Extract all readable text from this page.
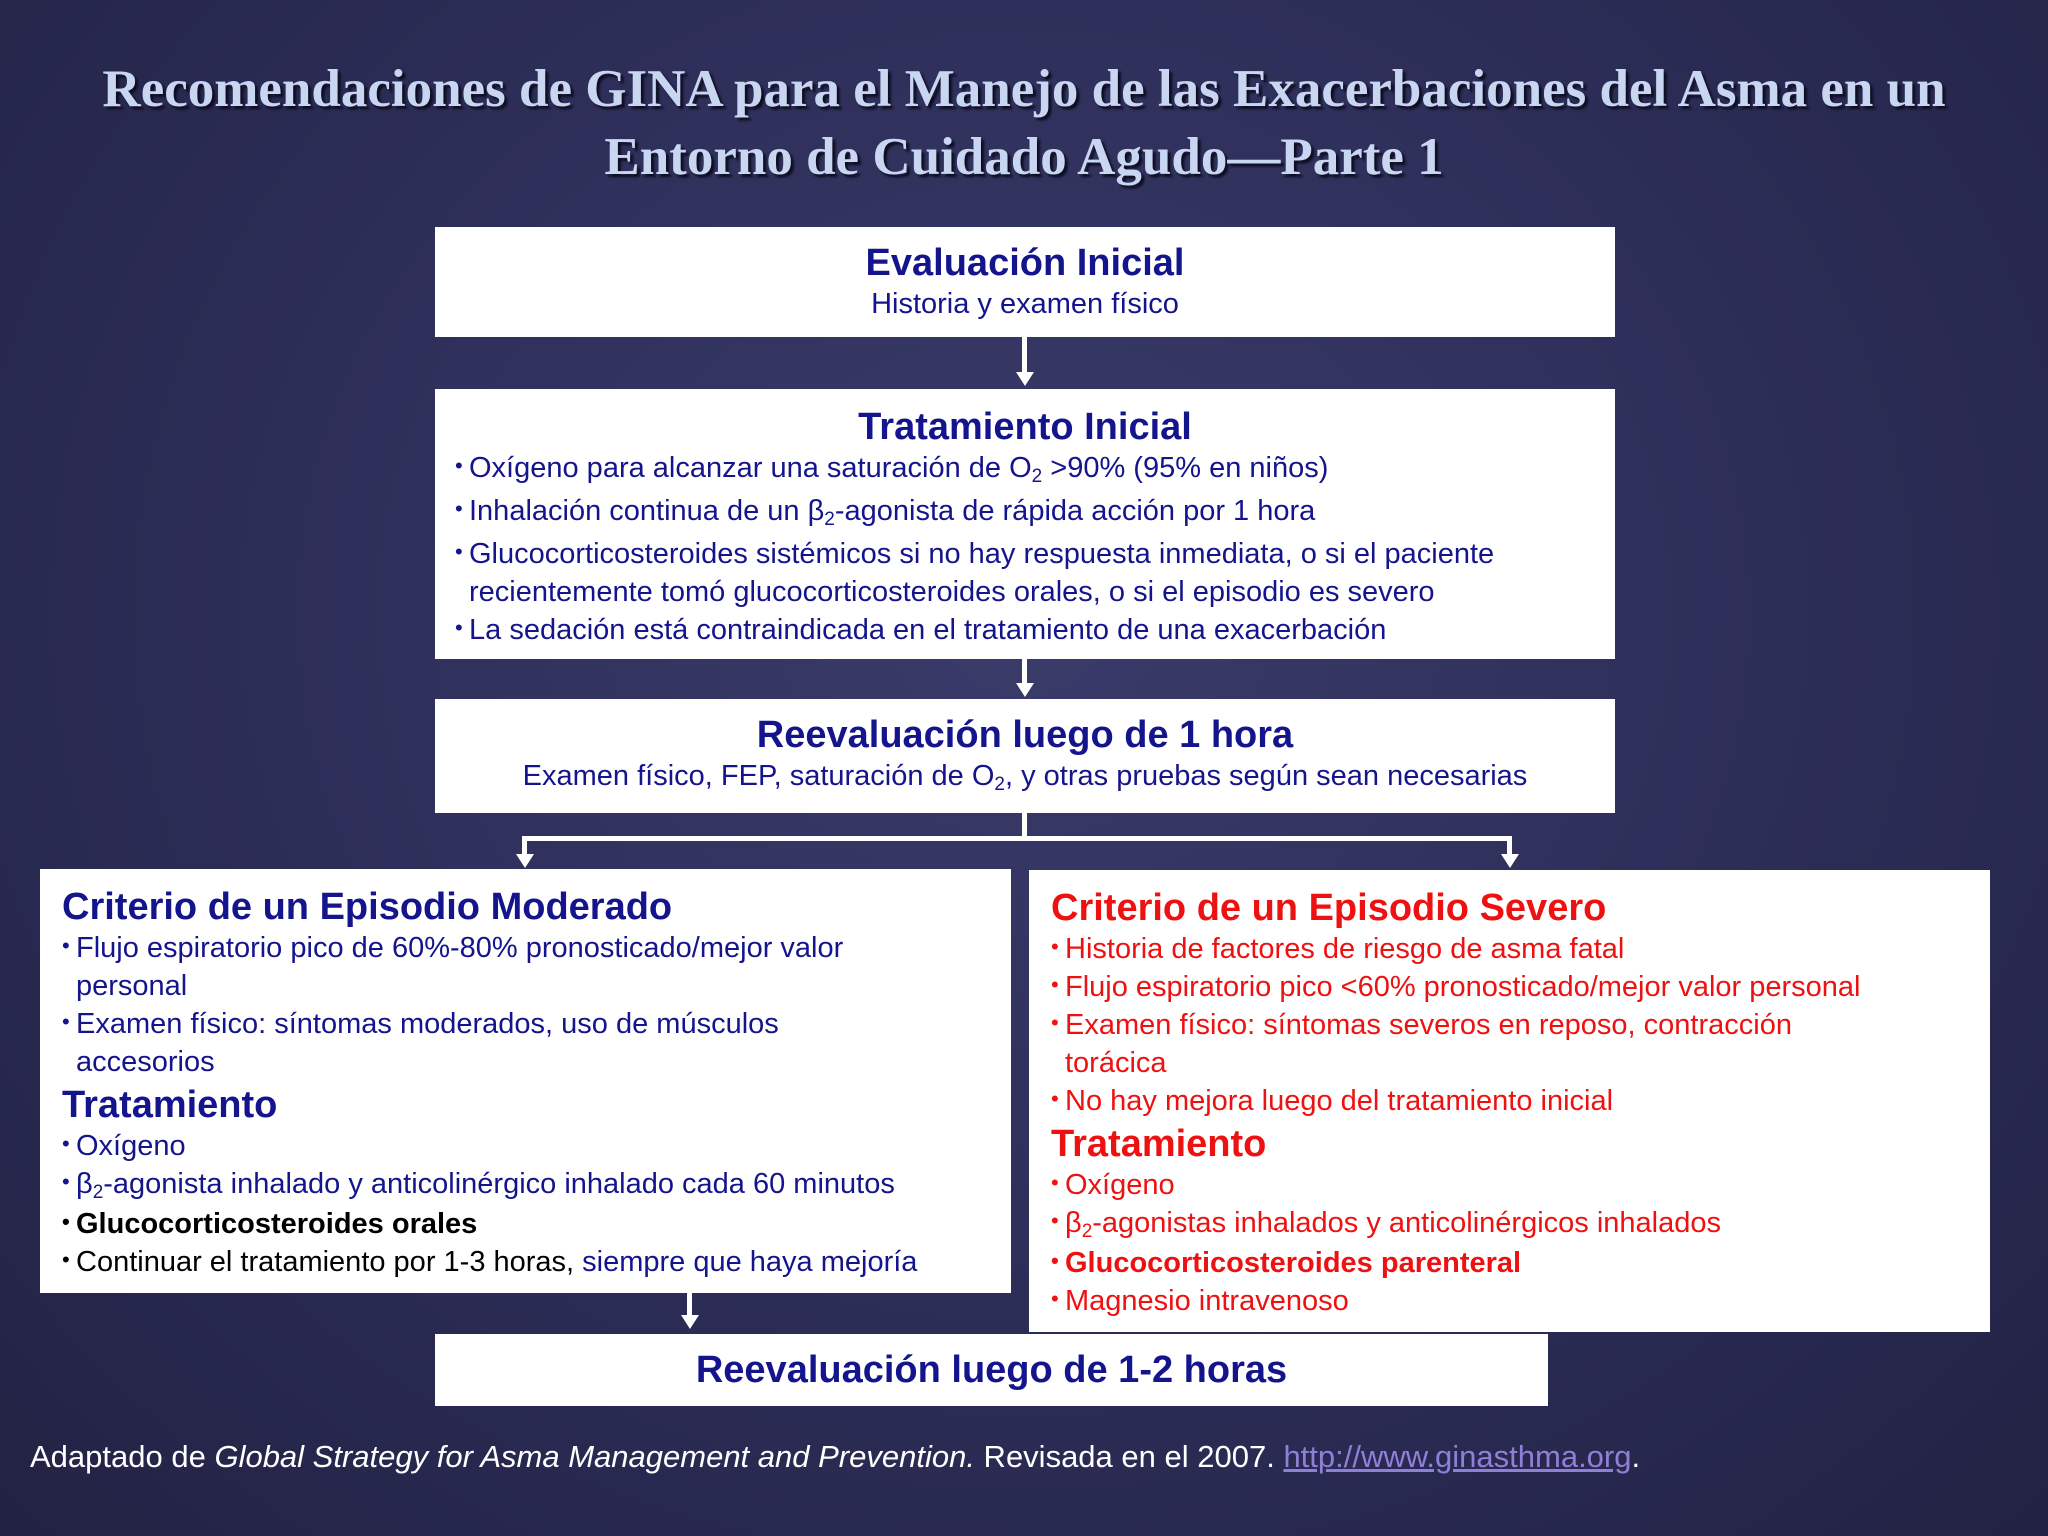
Recomendaciones de GINA para el Manejo de las Exacerbaciones del Asma en un
Entorno de Cuidado Agudo—Parte 1
Evaluación Inicial
Historia y examen físico
Tratamiento Inicial
• Oxígeno para alcanzar una saturación de $O_2 >90\%$ (95% en niños)
• Inhalación continua de un $\beta_2$-agonista de rápida acción por 1 hora
• Glucocorticosteroides sistémicos si no hay respuesta inmediata, o si el paciente
recientemente tomó glucocorticosteroides orales, o si el episodio es severo
• La sedación está contraindicada en el tratamiento de una exacerbación
Reevaluación luego de 1 hora
Examen físico, FEP, saturación de $O_2$, y otras pruebas según sean necesarias
Criterio de un Episodio Moderado
• Flujo espiratorio pico de 60%-80% pronosticado/mejor valor
personal
• Examen físico: síntomas moderados, uso de músculos
accesorios
Tratamiento
• Oxígeno
• $\beta_2$-agonista inhalado y anticolinérgico inhalado cada 60 minutos
• Glucocorticosteroides orales
• Continuar el tratamiento por 1-3 horas, siempre que haya mejoría
Criterio de un Episodio Severo
• Historia de factores de riesgo de asma fatal
• Flujo espiratorio pico <60% pronosticado/mejor valor personal
• Examen físico: síntomas severos en reposo, contracción
torácica
• No hay mejora luego del tratamiento inicial
Tratamiento
• Oxígeno
• $\beta_2$-agonistas inhalados y anticolinérgicos inhalados
• Glucocorticosteroides parenteral
• Magnesio intravenoso
Reevaluación luego de 1-2 horas
Adaptado de Global Strategy for Asma Management and Prevention. Revisada en el 2007. http://www.ginasthma.org.
